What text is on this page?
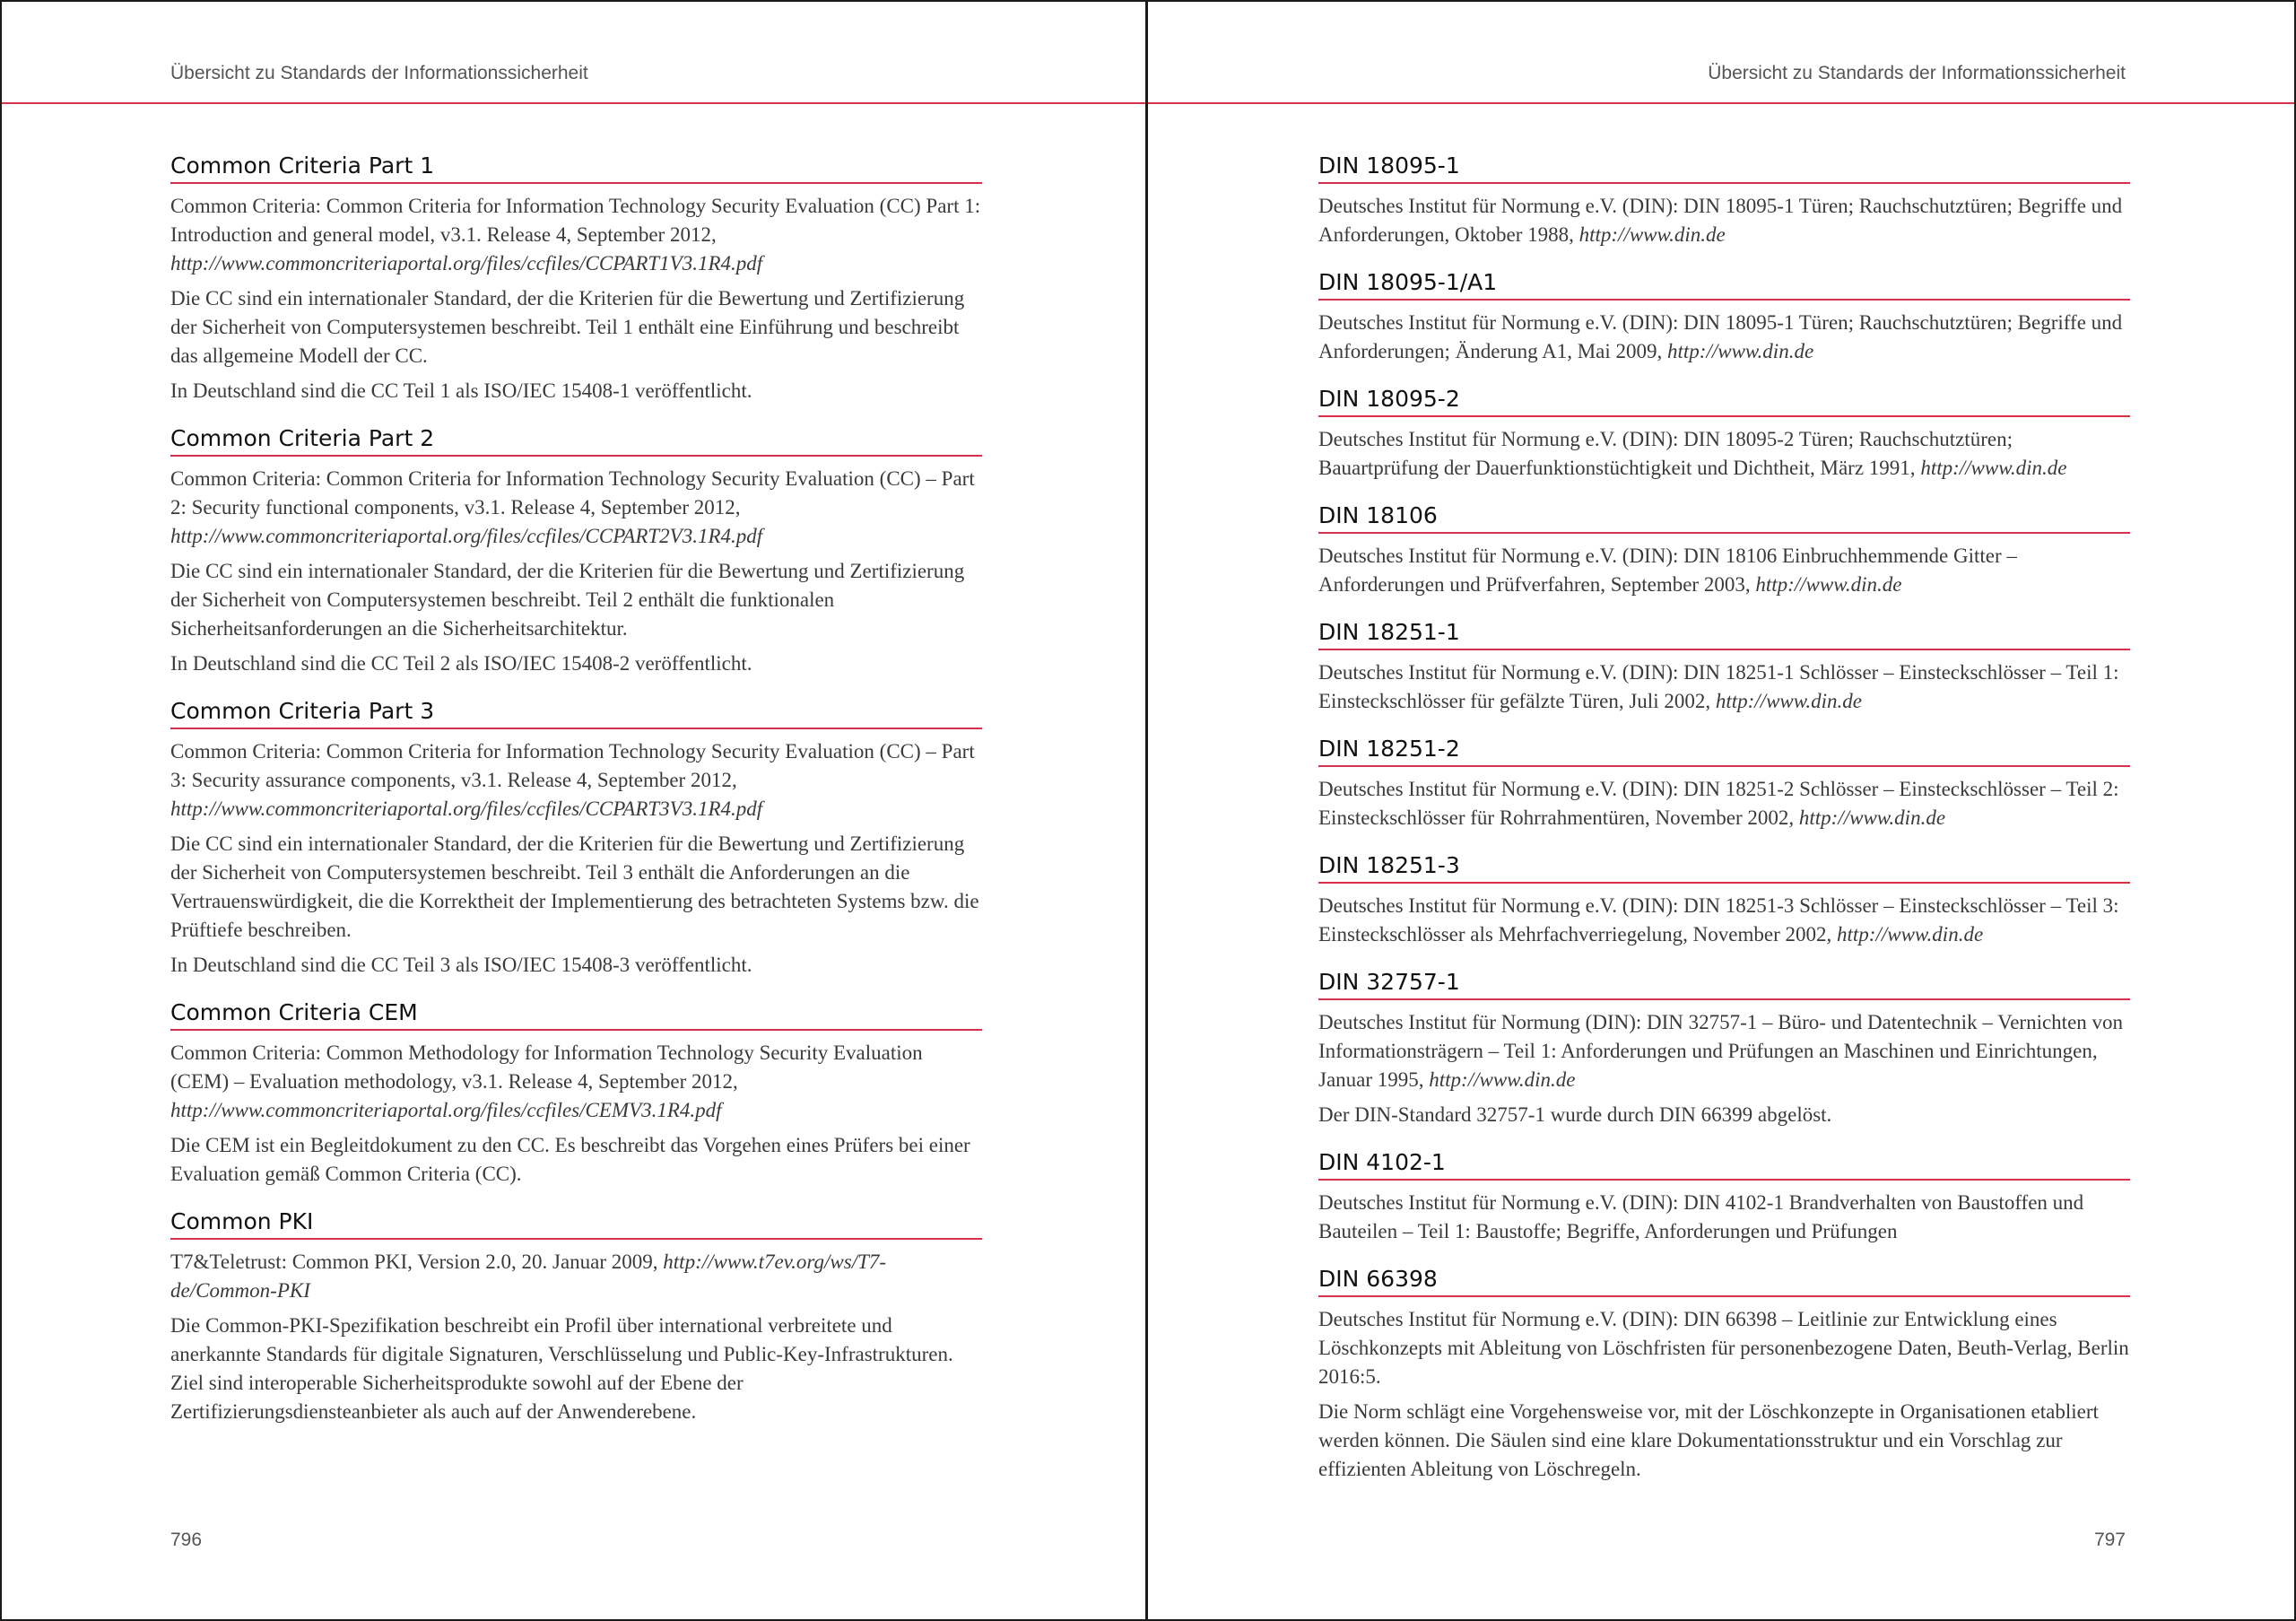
Übersicht zu Standards der Informationssicherheit
Common Criteria Part 1

Common Criteria: Common Criteria for Information Technology Security Evaluation (CC) Part 1: Introduction and general model, v3.1. Release 4, September 2012, http://www.commoncriteriaportal.org/files/ccfiles/CCPART1V3.1R4.pdf

Die CC sind ein internationaler Standard, der die Kriterien für die Bewertung und Zertifizierung der Sicherheit von Computersystemen beschreibt. Teil 1 enthält eine Einführung und beschreibt das allgemeine Modell der CC.

In Deutschland sind die CC Teil 1 als ISO/IEC 15408-1 veröffentlicht.

Common Criteria Part 2

Common Criteria: Common Criteria for Information Technology Security Evaluation (CC) – Part 2: Security functional components, v3.1. Release 4, September 2012, http://www.commoncriteriaportal.org/files/ccfiles/CCPART2V3.1R4.pdf

Die CC sind ein internationaler Standard, der die Kriterien für die Bewertung und Zertifizierung der Sicherheit von Computersystemen beschreibt. Teil 2 enthält die funktionalen Sicherheitsanforderungen an die Sicherheitsarchitektur.

In Deutschland sind die CC Teil 2 als ISO/IEC 15408-2 veröffentlicht.

Common Criteria Part 3

Common Criteria: Common Criteria for Information Technology Security Evaluation (CC) – Part 3: Security assurance components, v3.1. Release 4, September 2012, http://www.commoncriteriaportal.org/files/ccfiles/CCPART3V3.1R4.pdf

Die CC sind ein internationaler Standard, der die Kriterien für die Bewertung und Zertifizierung der Sicherheit von Computersystemen beschreibt. Teil 3 enthält die Anforderungen an die Vertrauenswürdigkeit, die die Korrektheit der Implementierung des betrachteten Systems bzw. die Prüftiefe beschreiben.

In Deutschland sind die CC Teil 3 als ISO/IEC 15408-3 veröffentlicht.

Common Criteria CEM

Common Criteria: Common Methodology for Information Technology Security Evaluation (CEM) – Evaluation methodology, v3.1. Release 4, September 2012, http://www.commoncriteriaportal.org/files/ccfiles/CEMV3.1R4.pdf

Die CEM ist ein Begleitdokument zu den CC. Es beschreibt das Vorgehen eines Prüfers bei einer Evaluation gemäß Common Criteria (CC).

Common PKI

T7&Teletrust: Common PKI, Version 2.0, 20. Januar 2009, http://www.t7ev.org/ws/T7-de/Common-PKI

Die Common-PKI-Spezifikation beschreibt ein Profil über international verbreitete und anerkannte Standards für digitale Signaturen, Verschlüsselung und Public-Key-Infrastrukturen. Ziel sind interoperable Sicherheitsprodukte sowohl auf der Ebene der Zertifizierungsdiensteanbieter als auch auf der Anwenderebene.

796
Übersicht zu Standards der Informationssicherheit
DIN 18095-1

Deutsches Institut für Normung e.V. (DIN): DIN 18095-1 Türen; Rauchschutztüren; Begriffe und Anforderungen, Oktober 1988, http://www.din.de

DIN 18095-1/A1

Deutsches Institut für Normung e.V. (DIN): DIN 18095-1 Türen; Rauchschutztüren; Begriffe und Anforderungen; Änderung A1, Mai 2009, http://www.din.de

DIN 18095-2

Deutsches Institut für Normung e.V. (DIN): DIN 18095-2 Türen; Rauchschutztüren; Bauartprüfung der Dauerfunktionstüchtigkeit und Dichtheit, März 1991, http://www.din.de

DIN 18106

Deutsches Institut für Normung e.V. (DIN): DIN 18106 Einbruchhemmende Gitter – Anforderungen und Prüfverfahren, September 2003, http://www.din.de

DIN 18251-1

Deutsches Institut für Normung e.V. (DIN): DIN 18251-1 Schlösser – Einsteckschlösser – Teil 1: Einsteckschlösser für gefälzte Türen, Juli 2002, http://www.din.de

DIN 18251-2

Deutsches Institut für Normung e.V. (DIN): DIN 18251-2 Schlösser – Einsteckschlösser – Teil 2: Einsteckschlösser für Rohrrahmentüren, November 2002, http://www.din.de

DIN 18251-3

Deutsches Institut für Normung e.V. (DIN): DIN 18251-3 Schlösser – Einsteckschlösser – Teil 3: Einsteckschlösser als Mehrfachverriegelung, November 2002, http://www.din.de

DIN 32757-1

Deutsches Institut für Normung (DIN): DIN 32757-1 – Büro- und Datentechnik – Vernichten von Informationsträgern – Teil 1: Anforderungen und Prüfungen an Maschinen und Einrichtungen, Januar 1995, http://www.din.de

Der DIN-Standard 32757-1 wurde durch DIN 66399 abgelöst.

DIN 4102-1

Deutsches Institut für Normung e.V. (DIN): DIN 4102-1 Brandverhalten von Baustoffen und Bauteilen – Teil 1: Baustoffe; Begriffe, Anforderungen und Prüfungen

DIN 66398

Deutsches Institut für Normung e.V. (DIN): DIN 66398 – Leitlinie zur Entwicklung eines Löschkonzepts mit Ableitung von Löschfristen für personenbezogene Daten, Beuth-Verlag, Berlin 2016:5.

Die Norm schlägt eine Vorgehensweise vor, mit der Löschkonzepte in Organisationen etabliert werden können. Die Säulen sind eine klare Dokumentationsstruktur und ein Vorschlag zur effizienten Ableitung von Löschregeln.

797
